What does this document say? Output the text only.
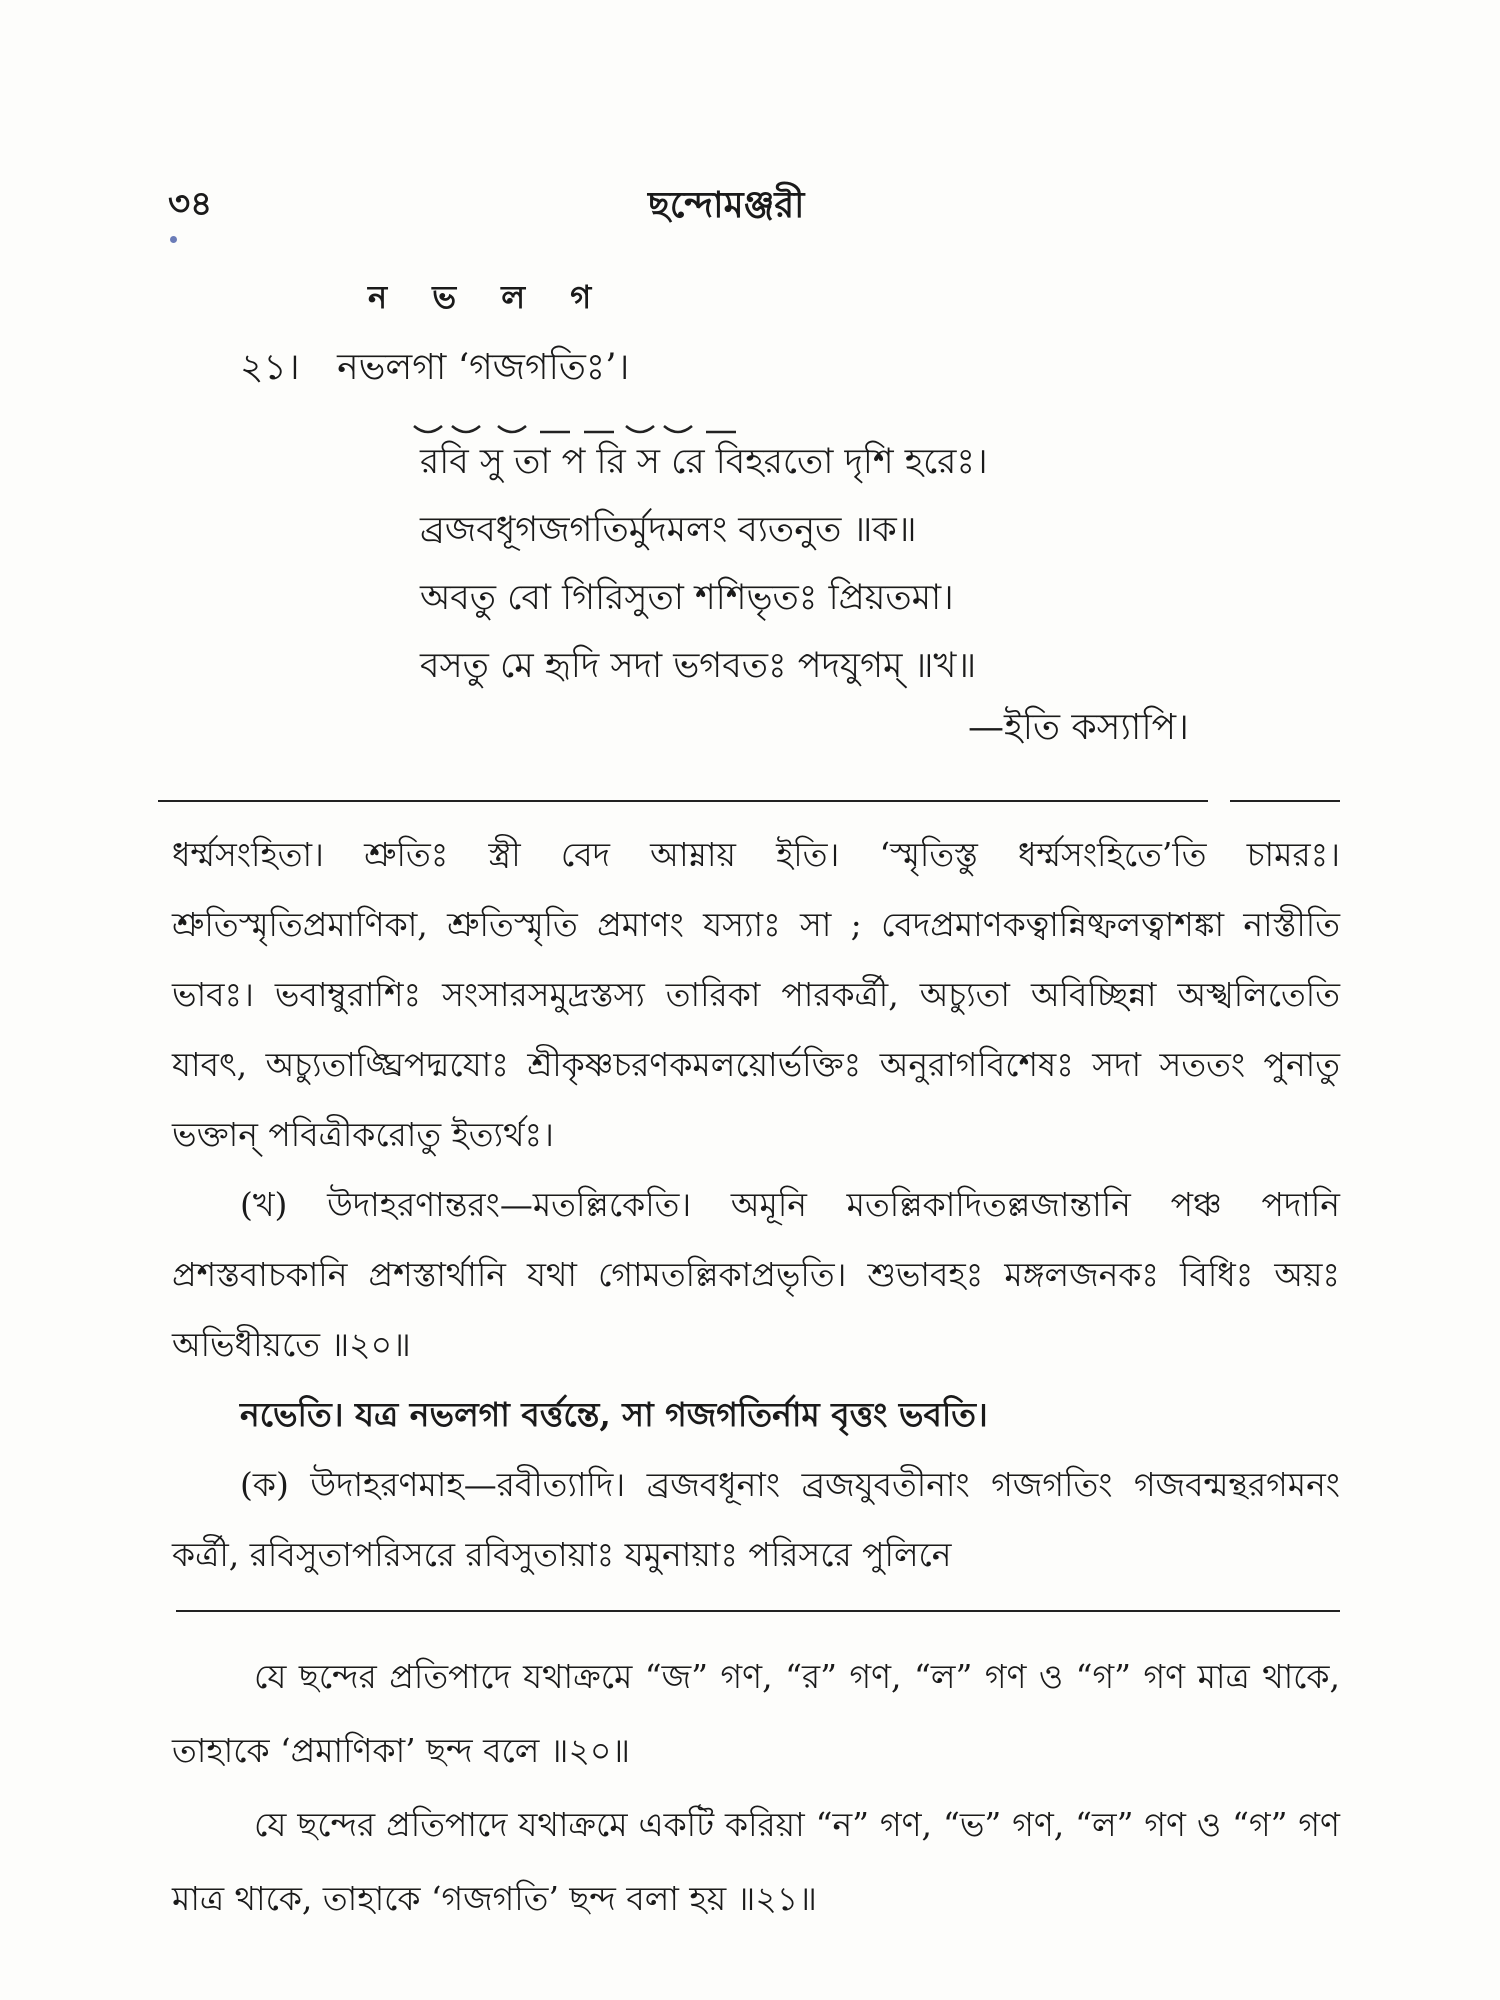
৩৪	ছন্দোমঞ্জরী
ন ভ ল গ
২১। নভলগা ‘গজগতিঃ’।
রবি সু তা প রি স রে বিহরতো দৃশি হরেঃ।
ব্রজবধূগজগতির্মুদমলং ব্যতনুত ॥ক॥
অবতু বো গিরিসুতা শশিভৃতঃ প্রিয়তমা।
বসতু মে হৃদি সদা ভগবতঃ পদযুগম্ ॥খ॥
—ইতি কস্যাপি।

ধর্ম্মসংহিতা। শ্রুতিঃ স্ত্রী বেদ আম্নায় ইতি। ‘স্মৃতিস্তু ধর্ম্মসংহিতে’তি চামরঃ। শ্রুতিস্মৃতিপ্রমাণিকা, শ্রুতিস্মৃতি প্রমাণং যস্যাঃ সা ; বেদপ্রমাণকত্বান্নিষ্ফলত্বাশঙ্কা নাস্তীতি ভাবঃ। ভবাম্বুরাশিঃ সংসারসমুদ্রস্তস্য তারিকা পারকর্ত্রী, অচ্যুতা অবিচ্ছিন্না অস্খলিতেতি যাবৎ, অচ্যুতাঙ্ঘ্রিপদ্মযোঃ শ্রীকৃষ্ণচরণকমলয়োর্ভক্তিঃ অনুরাগবিশেষঃ সদা সততং পুনাতু ভক্তান্ পবিত্রীকরোতু ইত্যর্থঃ।

(খ) উদাহরণান্তরং—মতল্লিকেতি। অমূনি মতল্লিকাদিতল্লজান্তানি পঞ্চ পদানি প্রশস্তবাচকানি প্রশস্তার্থানি যথা গোমতল্লিকাপ্রভৃতি। শুভাবহঃ মঙ্গলজনকঃ বিধিঃ অয়ঃ অভিধীয়তে ॥২০॥

নভেতি। যত্র নভলগা বর্ত্তন্তে, সা গজগতির্নাম বৃত্তং ভবতি।

(ক) উদাহরণমাহ—রবীত্যাদি। ব্রজবধূনাং ব্রজযুবতীনাং গজগতিং গজবন্মন্থরগমনং কর্ত্রী, রবিসুতাপরিসরে রবিসুতায়াঃ যমুনায়াঃ পরিসরে পুলিনে

যে ছন্দের প্রতিপাদে যথাক্রমে “জ” গণ, “র” গণ, “ল” গণ ও “গ” গণ মাত্র থাকে, তাহাকে ‘প্রমাণিকা’ ছন্দ বলে ॥২০॥

যে ছন্দের প্রতিপাদে যথাক্রমে একটি করিয়া “ন” গণ, “ভ” গণ, “ল” গণ ও “গ” গণ মাত্র থাকে, তাহাকে ‘গজগতি’ ছন্দ বলা হয় ॥২১॥
